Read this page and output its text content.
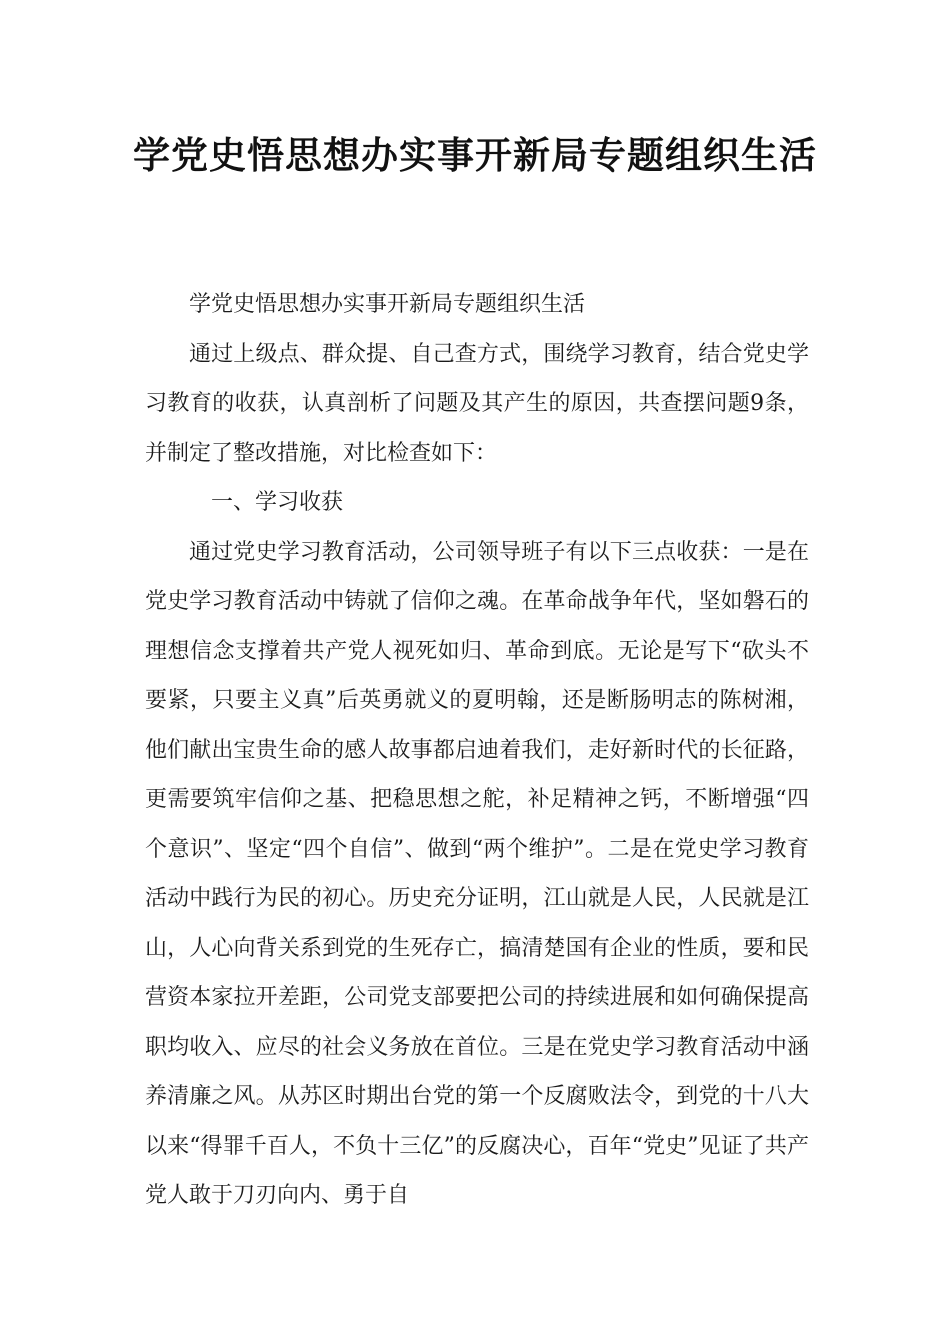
学党史悟思想办实事开新局专题组织生活

学党史悟思想办实事开新局专题组织生活

通过上级点、群众提、自己查方式，围绕学习教育，结合党史学习教育的收获，认真剖析了问题及其产生的原因，共查摆问题9条，并制定了整改措施，对比检查如下：

一、学习收获

通过党史学习教育活动，公司领导班子有以下三点收获：一是在党史学习教育活动中铸就了信仰之魂。在革命战争年代，坚如磐石的理想信念支撑着共产党人视死如归、革命到底。无论是写下“砍头不要紧，只要主义真”后英勇就义的夏明翰，还是断肠明志的陈树湘，他们献出宝贵生命的感人故事都启迪着我们，走好新时代的长征路，更需要筑牢信仰之基、把稳思想之舵，补足精神之钙，不断增强“四个意识”、坚定“四个自信”、做到“两个维护”。二是在党史学习教育活动中践行为民的初心。历史充分证明，江山就是人民，人民就是江山，人心向背关系到党的生死存亡，搞清楚国有企业的性质，要和民营资本家拉开差距，公司党支部要把公司的持续进展和如何确保提高职均收入、应尽的社会义务放在首位。三是在党史学习教育活动中涵养清廉之风。从苏区时期出台党的第一个反腐败法令，到党的十八大以来“得罪千百人，不负十三亿”的反腐决心，百年“党史”见证了共产党人敢于刀刃向内、勇于自
